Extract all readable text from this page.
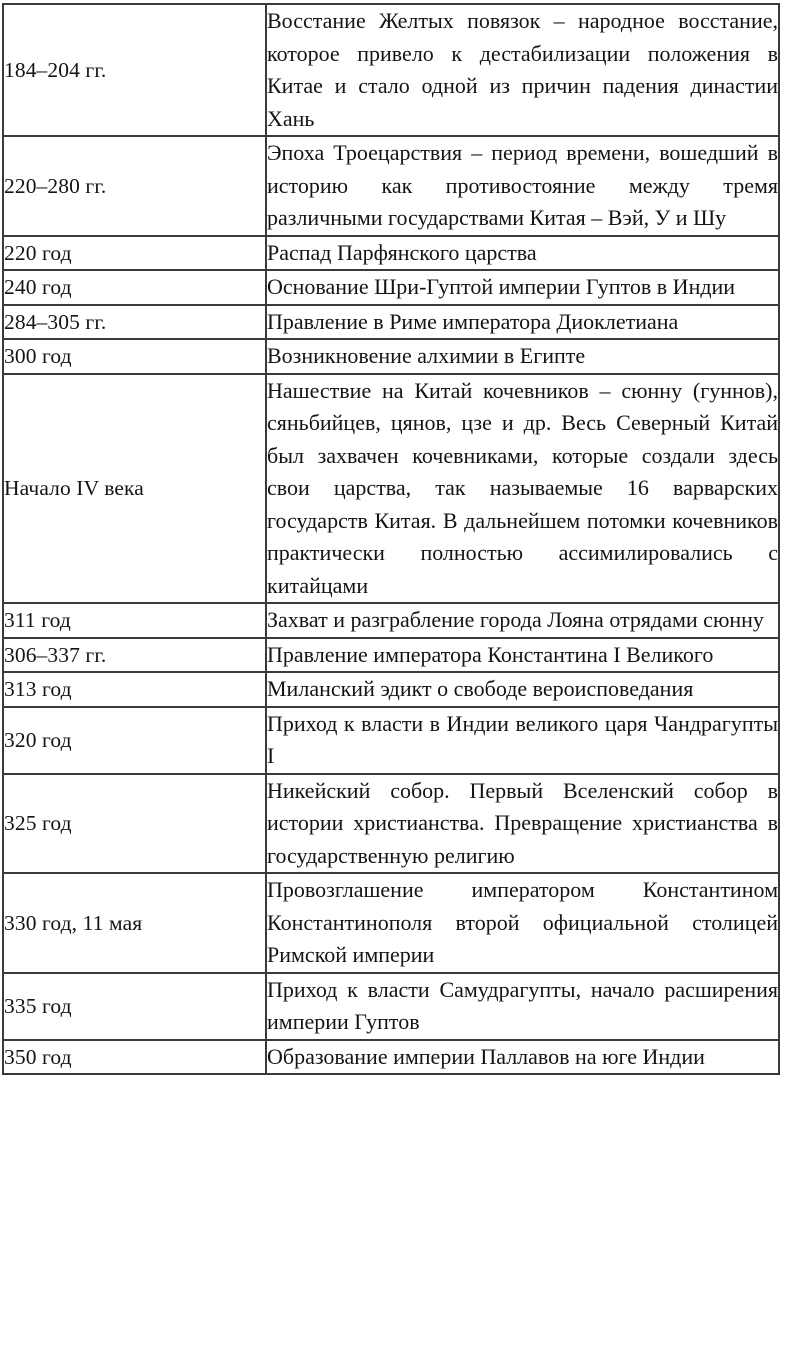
184–204 гг.	Восстание Желтых повязок – народное восстание, которое привело к дестабилизации положения в Китае и стало одной из причин падения династии Хань

220–280 гг.	Эпоха Троецарствия – период времени, вошедший в историю как противостояние между тремя различными государствами Китая – Вэй, У и Шу

220 год	Распад Парфянского царства

240 год	Основание Шри-Гуптой империи Гуптов в Индии

284–305 гг.	Правление в Риме императора Диоклетиана

300 год	Возникновение алхимии в Египте

Начало IV века	Нашествие на Китай кочевников – сюнну (гуннов), сяньбийцев, цянов, цзе и др. Весь Северный Китай был захвачен кочевниками, которые создали здесь свои царства, так называемые 16 варварских государств Китая. В дальнейшем потомки кочевников практически полностью ассимилировались с китайцами

311 год	Захват и разграбление города Лояна отрядами сюнну

306–337 гг.	Правление императора Константина I Великого

313 год	Миланский эдикт о свободе вероисповедания

320 год	Приход к власти в Индии великого царя Чандрагупты I

325 год	Никейский собор. Первый Вселенский собор в истории христианства. Превращение христианства в государственную религию

330 год, 11 мая	Провозглашение императором Константином Константинополя второй официальной столицей Римской империи

335 год	Приход к власти Самудрагупты, начало расширения империи Гуптов

350 год	Образование империи Паллавов на юге Индии
